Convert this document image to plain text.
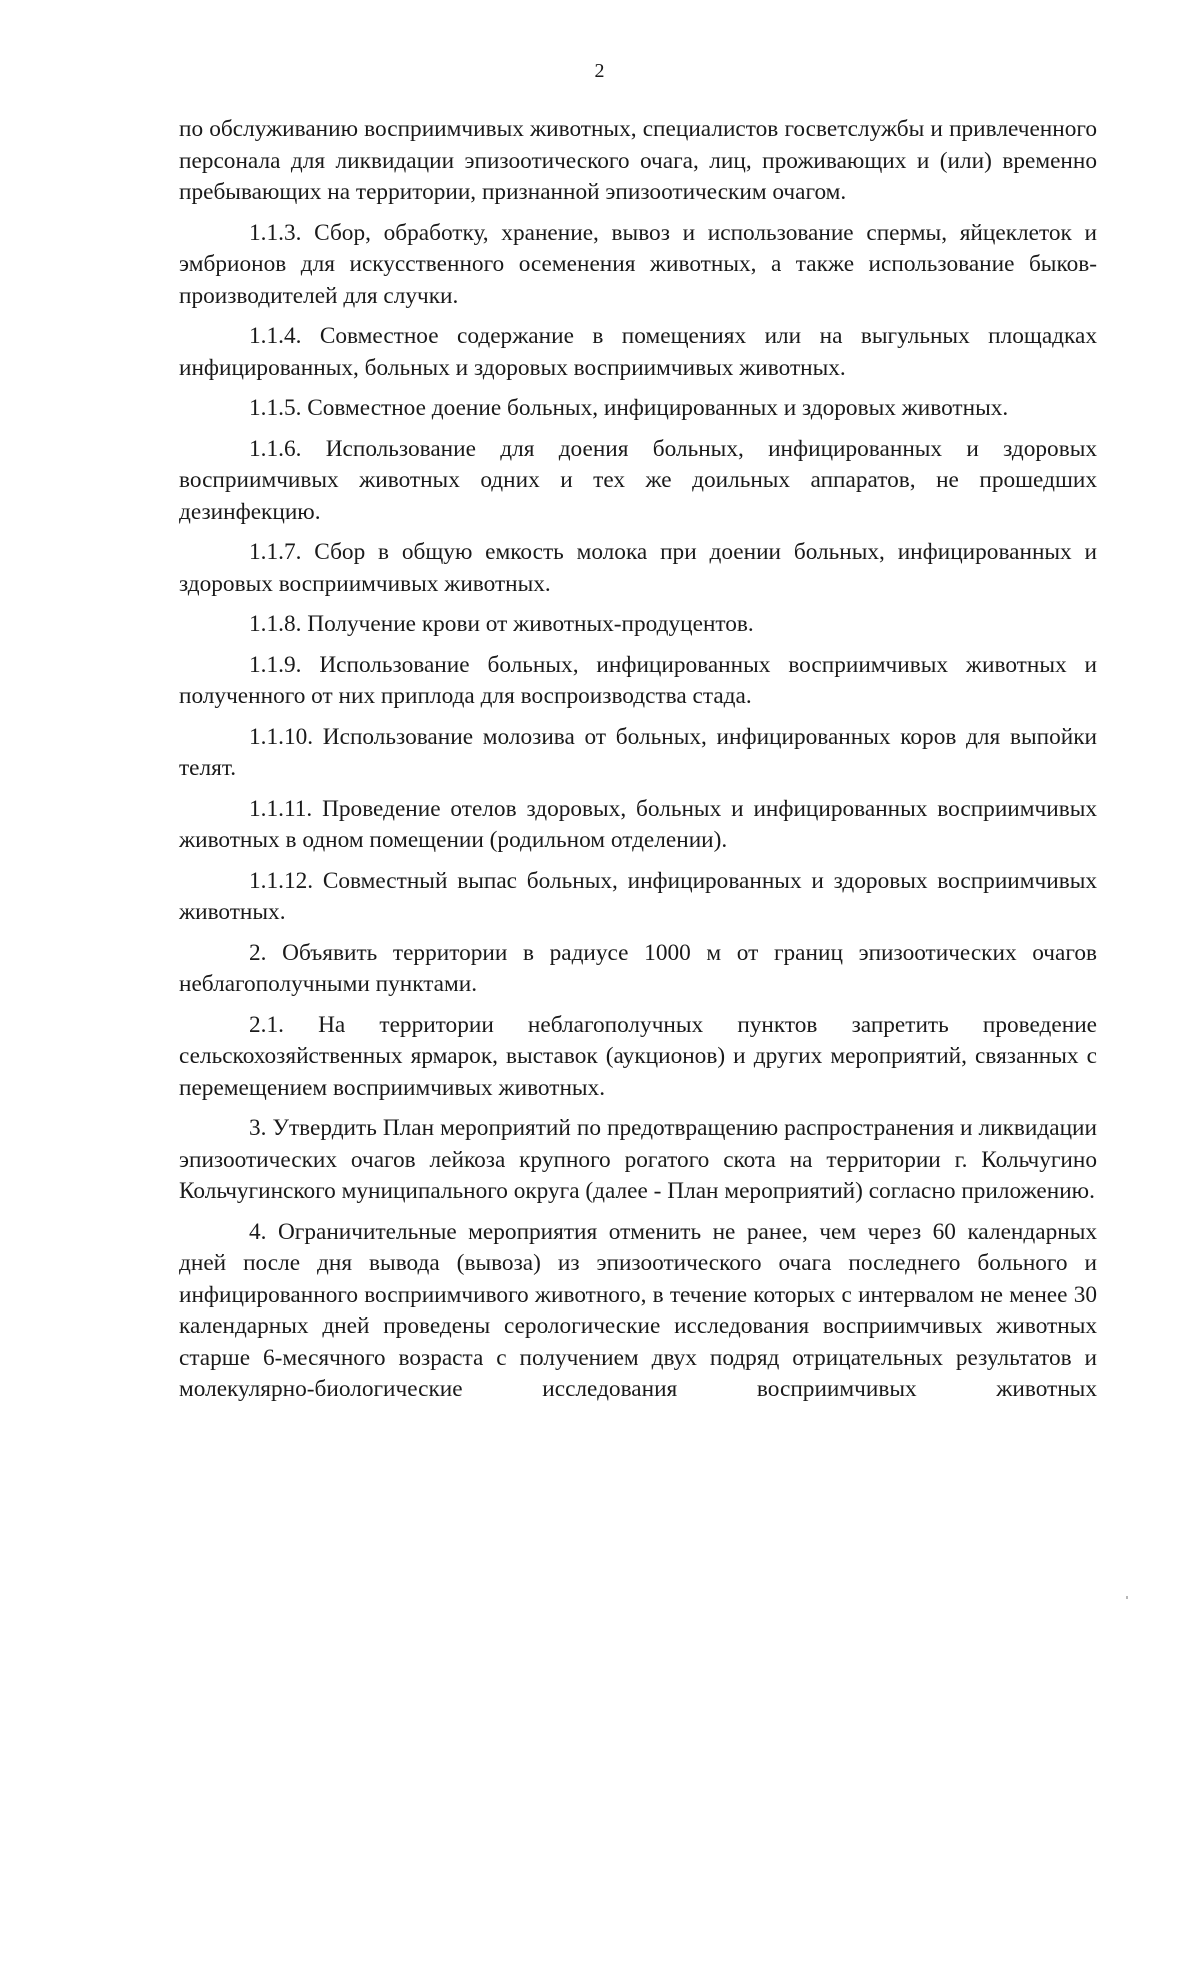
2

по обслуживанию восприимчивых животных, специалистов госветслужбы и привлеченного персонала для ликвидации эпизоотического очага, лиц, проживающих и (или) временно пребывающих на территории, признанной эпизоотическим очагом.

1.1.3. Сбор, обработку, хранение, вывоз и использование спермы, яйцеклеток и эмбрионов для искусственного осеменения животных, а также использование быков-производителей для случки.

1.1.4. Совместное содержание в помещениях или на выгульных площадках инфицированных, больных и здоровых восприимчивых животных.

1.1.5. Совместное доение больных, инфицированных и здоровых животных.

1.1.6. Использование для доения больных, инфицированных и здоровых восприимчивых животных одних и тех же доильных аппаратов, не прошедших дезинфекцию.

1.1.7. Сбор в общую емкость молока при доении больных, инфицированных и здоровых восприимчивых животных.

1.1.8. Получение крови от животных-продуцентов.

1.1.9. Использование больных, инфицированных восприимчивых животных и полученного от них приплода для воспроизводства стада.

1.1.10. Использование молозива от больных, инфицированных коров для выпойки телят.

1.1.11. Проведение отелов здоровых, больных и инфицированных восприимчивых животных в одном помещении (родильном отделении).

1.1.12. Совместный выпас больных, инфицированных и здоровых восприимчивых животных.

2. Объявить территории в радиусе 1000 м от границ эпизоотических очагов неблагополучными пунктами.

2.1. На территории неблагополучных пунктов запретить проведение сельскохозяйственных ярмарок, выставок (аукционов) и других мероприятий, связанных с перемещением восприимчивых животных.

3. Утвердить План мероприятий по предотвращению распространения и ликвидации эпизоотических очагов лейкоза крупного рогатого скота на территории г. Кольчугино Кольчугинского муниципального округа (далее - План мероприятий) согласно приложению.

4. Ограничительные мероприятия отменить не ранее, чем через 60 календарных дней после дня вывода (вывоза) из эпизоотического очага последнего больного и инфицированного восприимчивого животного, в течение которых с интервалом не менее 30 календарных дней проведены серологические исследования восприимчивых животных старше 6-месячного возраста с получением двух подряд отрицательных результатов и молекулярно-биологические исследования восприимчивых животных
